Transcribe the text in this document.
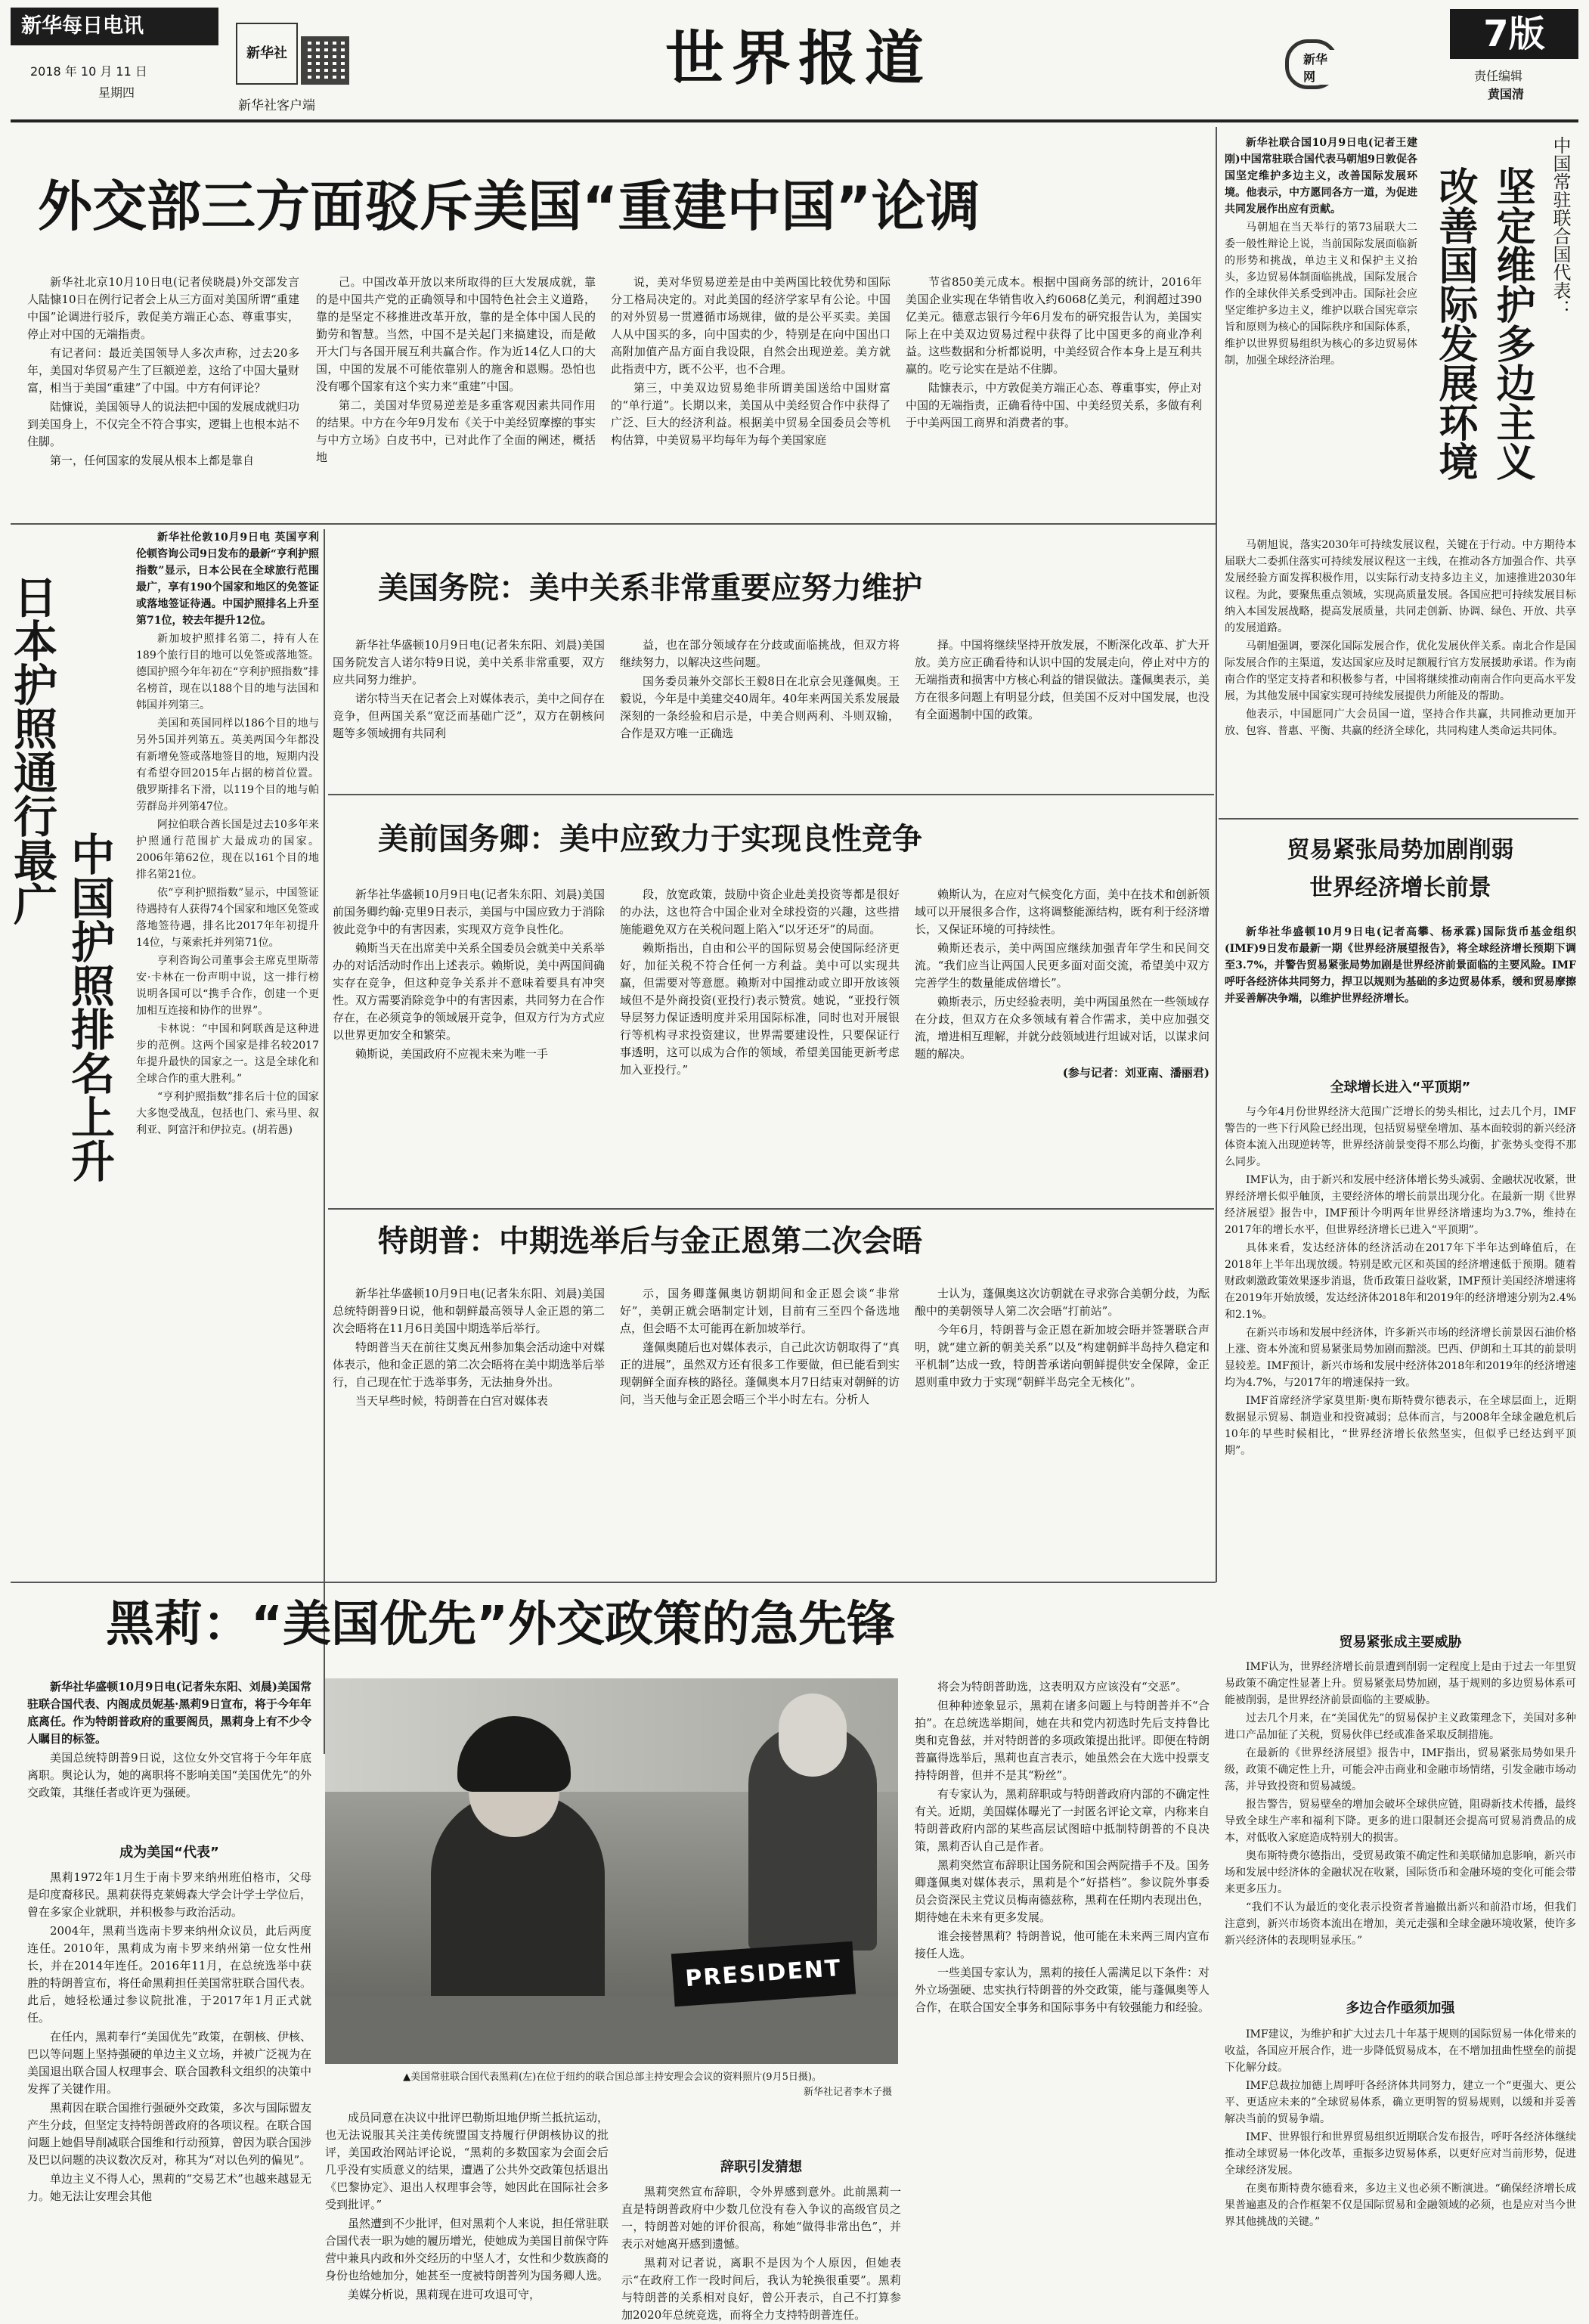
新华每日电讯
2018 年 10 月 11 日
星期四
新华社
新华社客户端
世界报道	新华网
7版
责任编辑
黄国清
外交部三方面驳斥美国“重建中国”论调

新华社北京10月10日电(记者侯晓晨)外交部发言人陆慷10日在例行记者会上从三方面对美国所谓“重建中国”论调进行驳斥，敦促美方端正心态、尊重事实，停止对中国的无端指责。

有记者问：最近美国领导人多次声称，过去20多年，美国对华贸易产生了巨额逆差，这给了中国大量财富，相当于美国“重建”了中国。中方有何评论？

陆慷说，美国领导人的说法把中国的发展成就归功到美国身上，不仅完全不符合事实，逻辑上也根本站不住脚。

第一，任何国家的发展从根本上都是靠自

己。中国改革开放以来所取得的巨大发展成就，靠的是中国共产党的正确领导和中国特色社会主义道路，靠的是坚定不移推进改革开放，靠的是全体中国人民的勤劳和智慧。当然，中国不是关起门来搞建设，而是敞开大门与各国开展互利共赢合作。作为近14亿人口的大国，中国的发展不可能依靠别人的施舍和恩赐。恐怕也没有哪个国家有这个实力来“重建”中国。

第二，美国对华贸易逆差是多重客观因素共同作用的结果。中方在今年9月发布《关于中美经贸摩擦的事实与中方立场》白皮书中，已对此作了全面的阐述，概括地

说，美对华贸易逆差是由中美两国比较优势和国际分工格局决定的。对此美国的经济学家早有公论。中国的对外贸易一贯遵循市场规律，做的是公平买卖。美国人从中国买的多，向中国卖的少，特别是在向中国出口高附加值产品方面自我设限，自然会出现逆差。美方就此指责中方，既不公平，也不合理。

第三，中美双边贸易绝非所谓美国送给中国财富的“单行道”。长期以来，美国从中美经贸合作中获得了广泛、巨大的经济利益。根据美中贸易全国委员会等机构估算，中美贸易平均每年为每个美国家庭

节省850美元成本。根据中国商务部的统计，2016年美国企业实现在华销售收入约6068亿美元，利润超过390亿美元。德意志银行今年6月发布的研究报告认为，美国实际上在中美双边贸易过程中获得了比中国更多的商业净利益。这些数据和分析都说明，中美经贸合作本身上是互利共赢的。吃亏论实在是站不住脚。

陆慷表示，中方敦促美方端正心态、尊重事实，停止对中国的无端指责，正确看待中国、中美经贸关系，多做有利于中美两国工商界和消费者的事。

中国常驻联合国代表：
坚定维护多边主义
改善国际发展环境

新华社联合国10月9日电(记者王建刚)中国常驻联合国代表马朝旭9日敦促各国坚定维护多边主义，改善国际发展环境。他表示，中方愿同各方一道，为促进共同发展作出应有贡献。

马朝旭在当天举行的第73届联大二委一般性辩论上说，当前国际发展面临新的形势和挑战，单边主义和保护主义抬头，多边贸易体制面临挑战，国际发展合作的全球伙伴关系受到冲击。国际社会应坚定维护多边主义，维护以联合国宪章宗旨和原则为核心的国际秩序和国际体系，维护以世界贸易组织为核心的多边贸易体制，加强全球经济治理。

马朝旭说，落实2030年可持续发展议程，关键在于行动。中方期待本届联大二委抓住落实可持续发展议程这一主线，在推动各方加强合作、共享发展经验方面发挥积极作用，以实际行动支持多边主义，加速推进2030年议程。为此，要聚焦重点领域，实现高质量发展。各国应把可持续发展目标纳入本国发展战略，提高发展质量，共同走创新、协调、绿色、开放、共享的发展道路。

马朝旭强调，要深化国际发展合作，优化发展伙伴关系。南北合作是国际发展合作的主渠道，发达国家应及时足额履行官方发展援助承诺。作为南南合作的坚定支持者和积极参与者，中国将继续推动南南合作向更高水平发展，为其他发展中国家实现可持续发展提供力所能及的帮助。

他表示，中国愿同广大会员国一道，坚持合作共赢，共同推动更加开放、包容、普惠、平衡、共赢的经济全球化，共同构建人类命运共同体。

日本护照通行最广
中国护照排名上升

新华社伦敦10月9日电 英国亨利伦顿咨询公司9日发布的最新“亨利护照指数”显示，日本公民在全球旅行范围最广，享有190个国家和地区的免签证或落地签证待遇。中国护照排名上升至第71位，较去年提升12位。

新加坡护照排名第二，持有人在189个旅行目的地可以免签或落地签。德国护照今年年初在“亨利护照指数”排名榜首，现在以188个目的地与法国和韩国并列第三。

美国和英国同样以186个目的地与另外5国并列第五。英美两国今年都没有新增免签或落地签目的地，短期内没有希望夺回2015年占据的榜首位置。俄罗斯排名下滑，以119个目的地与帕劳群岛并列第47位。

阿拉伯联合酋长国是过去10多年来护照通行范围扩大最成功的国家。2006年第62位，现在以161个目的地排名第21位。

依“亨利护照指数”显示，中国签证待遇持有人获得74个国家和地区免签或落地签待遇，排名比2017年年初提升14位，与萊索托并列第71位。

亨利咨询公司董事会主席克里斯蒂安·卡林在一份声明中说，这一排行榜说明各国可以“携手合作，创建一个更加相互连接和协作的世界”。

卡林说：“中国和阿联酋是这种进步的范例。这两个国家是排名较2017年提升最快的国家之一。这是全球化和全球合作的重大胜利。”

“亨利护照指数”排名后十位的国家大多饱受战乱，包括也门、索马里、叙利亚、阿富汗和伊拉克。(胡若愚)

美国务院：美中关系非常重要应努力维护

新华社华盛顿10月9日电(记者朱东阳、刘晨)美国国务院发言人诺尔特9日说，美中关系非常重要，双方应共同努力维护。

诺尔特当天在记者会上对媒体表示，美中之间存在竞争，但两国关系“宽泛而基础广泛”，双方在朝核问题等多领域拥有共同利

益，也在部分领域存在分歧或面临挑战，但双方将继续努力，以解决这些问题。

国务委员兼外交部长王毅8日在北京会见蓬佩奥。王毅说，今年是中美建交40周年。40年来两国关系发展最深刻的一条经验和启示是，中美合则两利、斗则双输，合作是双方唯一正确选

择。中国将继续坚持开放发展，不断深化改革、扩大开放。美方应正确看待和认识中国的发展走向，停止对中方的无端指责和损害中方核心利益的错误做法。蓬佩奥表示，美方在很多问题上有明显分歧，但美国不反对中国发展，也没有全面遏制中国的政策。

美前国务卿：美中应致力于实现良性竞争

新华社华盛顿10月9日电(记者朱东阳、刘晨)美国前国务卿约翰·克里9日表示，美国与中国应致力于消除彼此竞争中的有害因素，实现双方竞争良性化。

赖斯当天在出席美中关系全国委员会就美中关系举办的对话活动时作出上述表示。赖斯说，美中两国间确实存在竞争，但这种竞争关系并不意味着要具有冲突性。双方需要消除竞争中的有害因素，共同努力在合作存在，在必须竞争的领域展开竞争，但双方行为方式应以世界更加安全和繁荣。

赖斯说，美国政府不应视未来为唯一手

段，放宽政策，鼓励中资企业赴美投资等都是很好的办法，这也符合中国企业对全球投资的兴趣，这些措施能避免双方在关税问题上陷入“以牙还牙”的局面。

赖斯指出，自由和公平的国际贸易会使国际经济更好，加征关税不符合任何一方利益。美中可以实现共赢，但需要对等意愿。赖斯对中国推动或立即开放该领域但不是外商投资(亚投行)表示赞赏。她说，“亚投行领导层努力保证透明度并采用国际标准，同时也对开展银行等机构寻求投资建议，世界需要建设性，只要保证行事透明，这可以成为合作的领域，希望美国能更新考虑加入亚投行。”

赖斯认为，在应对气候变化方面，美中在技术和创新领域可以开展很多合作，这将调整能源结构，既有利于经济增长，又保证环境的可持续性。

赖斯还表示，美中两国应继续加强青年学生和民间交流。“我们应当让两国人民更多面对面交流，希望美中双方完善学生的数量能成倍增长”。

赖斯表示，历史经验表明，美中两国虽然在一些领域存在分歧，但双方在众多领域有着合作需求，美中应加强交流，增进相互理解，并就分歧领域进行坦诚对话，以谋求问题的解决。

(参与记者：刘亚南、潘丽君)

特朗普：中期选举后与金正恩第二次会晤

新华社华盛顿10月9日电(记者朱东阳、刘晨)美国总统特朗普9日说，他和朝鲜最高领导人金正恩的第二次会晤将在11月6日美国中期选举后举行。

特朗普当天在前往艾奥瓦州参加集会活动途中对媒体表示，他和金正恩的第二次会晤将在美中期选举后举行，自己现在忙于选举事务，无法抽身外出。

当天早些时候，特朗普在白宫对媒体表

示，国务卿蓬佩奥访朝期间和金正恩会谈“非常好”，美朝正就会晤制定计划，目前有三至四个备选地点，但会晤不太可能再在新加坡举行。

蓬佩奥随后也对媒体表示，自己此次访朝取得了“真正的进展”，虽然双方还有很多工作要做，但已能看到实现朝鲜全面弃核的路径。蓬佩奥本月7日结束对朝鲜的访问，当天他与金正恩会晤三个半小时左右。分析人

士认为，蓬佩奥这次访朝就在寻求弥合美朝分歧，为酝酿中的美朝领导人第二次会晤“打前站”。

今年6月，特朗普与金正恩在新加坡会晤并签署联合声明，就“建立新的朝美关系”以及“构建朝鲜半岛持久稳定和平机制”达成一致，特朗普承诺向朝鲜提供安全保障，金正恩则重申致力于实现“朝鲜半岛完全无核化”。

贸易紧张局势加剧削弱世界经济增长前景

新华社华盛顿10月9日电(记者高攀、杨承霖)国际货币基金组织(IMF)9日发布最新一期《世界经济展望报告》，将全球经济增长预期下调至3.7%，并警告贸易紧张局势加剧是世界经济前景面临的主要风险。IMF呼吁各经济体共同努力，捍卫以规则为基础的多边贸易体系，缓和贸易摩擦并妥善解决争端，以维护世界经济增长。

全球增长进入“平顶期”

与今年4月份世界经济大范围广泛增长的势头相比，过去几个月，IMF警告的一些下行风险已经出现，包括贸易壁垒增加、基本面较弱的新兴经济体资本流入出现逆转等，世界经济前景变得不那么均衡，扩张势头变得不那么同步。

IMF认为，由于新兴和发展中经济体增长势头减弱、金融状况收紧，世界经济增长似乎触顶，主要经济体的增长前景出现分化。在最新一期《世界经济展望》报告中，IMF预计今明两年世界经济增速均为3.7%，维持在2017年的增长水平，但世界经济增长已进入“平顶期”。

具体来看，发达经济体的经济活动在2017年下半年达到峰值后，在2018年上半年出现放缓。特别是欧元区和英国的经济增速低于预期。随着财政刺激政策效果逐步消退，货币政策日益收紧，IMF预计美国经济增速将在2019年开始放缓，发达经济体2018年和2019年的经济增速分别为2.4%和2.1%。

在新兴市场和发展中经济体，许多新兴市场的经济增长前景因石油价格上涨、资本外流和贸易紧张局势加剧而黯淡。巴西、伊朗和土耳其的前景明显较差。IMF预计，新兴市场和发展中经济体2018年和2019年的经济增速均为4.7%，与2017年的增速保持一致。

IMF首席经济学家莫里斯·奥布斯特费尔德表示，在全球层面上，近期数据显示贸易、制造业和投资减弱；总体而言，与2008年全球金融危机后10年的早些时候相比，“世界经济增长依然坚实，但似乎已经达到平顶期”。

贸易紧张成主要威胁

IMF认为，世界经济增长前景遭到削弱一定程度上是由于过去一年里贸易政策不确定性显著上升。贸易紧张局势加剧，基于规则的多边贸易体系可能被削弱，是世界经济前景面临的主要威胁。

过去几个月来，在“美国优先”的贸易保护主义政策理念下，美国对多种进口产品加征了关税，贸易伙伴已经或准备采取反制措施。

在最新的《世界经济展望》报告中，IMF指出，贸易紧张局势如果升级，政策不确定性上升，可能会冲击商业和金融市场情绪，引发金融市场动荡，并导致投资和贸易减缓。

报告警告，贸易壁垒的增加会破坏全球供应链，阻碍新技术传播，最终导致全球生产率和福利下降。更多的进口限制还会提高可贸易消费品的成本，对低收入家庭造成特别大的损害。

奥布斯特费尔德指出，受贸易政策不确定性和美联储加息影响，新兴市场和发展中经济体的金融状况在收紧，国际货币和金融环境的变化可能会带来更多压力。

“我们不认为最近的变化表示投资者普遍撤出新兴和前沿市场，但我们注意到，新兴市场资本流出在增加，美元走强和全球金融环境收紧，使许多新兴经济体的表现明显承压。”

多边合作亟须加强

IMF建议，为维护和扩大过去几十年基于规则的国际贸易一体化带来的收益，各国应开展合作，进一步降低贸易成本，在不增加扭曲性壁垒的前提下化解分歧。

IMF总裁拉加德上周呼吁各经济体共同努力，建立一个“更强大、更公平、更适应未来的”全球贸易体系，确立更明智的贸易规则，以缓和并妥善解决当前的贸易争端。

IMF、世界银行和世界贸易组织近期联合发布报告，呼吁各经济体继续推动全球贸易一体化改革，重振多边贸易体系，以更好应对当前形势，促进全球经济发展。

在奥布斯特费尔德看来，多边主义也必须不断演进。“确保经济增长成果普遍惠及的合作框架不仅是国际贸易和金融领域的必须，也是应对当今世界其他挑战的关键。”

黑莉：“美国优先”外交政策的急先锋

新华社华盛顿10月9日电(记者朱东阳、刘晨)美国常驻联合国代表、内阁成员妮基·黑莉9日宣布，将于今年年底离任。作为特朗普政府的重要阁员，黑莉身上有不少令人瞩目的标签。

美国总统特朗普9日说，这位女外交官将于今年年底离职。舆论认为，她的离职将不影响美国“美国优先”的外交政策，其继任者或许更为强硬。

成为美国“代表”

黑莉1972年1月生于南卡罗来纳州班伯格市，父母是印度裔移民。黑莉获得克莱姆森大学会计学士学位后，曾在多家企业就职，并积极参与政治活动。

2004年，黑莉当选南卡罗来纳州众议员，此后两度连任。2010年，黑莉成为南卡罗来纳州第一位女性州长，并在2014年连任。2016年11月，在总统选举中获胜的特朗普宣布，将任命黑莉担任美国常驻联合国代表。此后，她轻松通过参议院批准，于2017年1月正式就任。

在任内，黑莉奉行“美国优先”政策，在朝核、伊核、巴以等问题上坚持强硬的单边主义立场，并被广泛视为在美国退出联合国人权理事会、联合国教科文组织的决策中发挥了关键作用。

黑莉因在联合国推行强硬外交政策，多次与国际盟友产生分歧，但坚定支持特朗普政府的各项议程。在联合国问题上她倡导削减联合国维和行动预算，曾因为联合国涉及巴以问题的决议数次反对，称其为“对以色列的偏见”。

单边主义不得人心，黑莉的“交易艺术”也越来越显无力。她无法让安理会其他

PRESIDENT
▲美国常驻联合国代表黑莉(左)在位于纽约的联合国总部主持安理会会议的资料照片(9月5日摄)。
新华社记者李木子摄

成员同意在决议中批评巴勒斯坦地伊斯兰抵抗运动，也无法说服其关注美传统盟国支持履行伊朗核协议的批评，美国政治网站评论说，“黑莉的多数国家为会面会后几乎没有实质意义的结果，遭遇了公共外交政策包括退出《巴黎协定》、退出人权理事会等，她因此在国际社会多受到批评。”

虽然遭到不少批评，但对黑莉个人来说，担任常驻联合国代表一职为她的履历增光，使她成为美国目前保守阵营中兼具内政和外交经历的中坚人才，女性和少数族裔的身份也给她加分，她甚至一度被特朗普列为国务卿人选。

美媒分析说，黑莉现在进可攻退可守，

将会为特朗普助选，这表明双方应该没有“交恶”。

但种种迹象显示，黑莉在诸多问题上与特朗普并不“合拍”。在总统选举期间，她在共和党内初选时先后支持鲁比奥和克鲁兹，并对特朗普的多项政策提出批评。即便在特朗普赢得选举后，黑莉也直言表示，她虽然会在大选中投票支持特朗普，但并不是其“粉丝”。

有专家认为，黑莉辞职或与特朗普政府内部的不确定性有关。近期，美国媒体曝光了一封匿名评论文章，内称来自特朗普政府内部的某些高层试图暗中抵制特朗普的不良决策，黑莉否认自己是作者。

黑莉突然宣布辞职让国务院和国会两院措手不及。国务卿蓬佩奥对媒体表示，黑莉是个“好搭档”。参议院外事委员会资深民主党议员梅南德兹称，黑莉在任期内表现出色，期待她在未来有更多发展。

谁会接替黑莉？特朗普说，他可能在未来两三周内宣布接任人选。

一些美国专家认为，黑莉的接任人需满足以下条件：对外立场强硬、忠实执行特朗普的外交政策，能与蓬佩奥等人合作，在联合国安全事务和国际事务中有较强能力和经验。

辞职引发猜想

黑莉突然宣布辞职，令外界感到意外。此前黑莉一直是特朗普政府中少数几位没有卷入争议的高级官员之一，特朗普对她的评价很高，称她“做得非常出色”，并表示对她离开感到遗憾。

黑莉对记者说，离职不是因为个人原因，但她表示“在政府工作一段时间后，我认为轮换很重要”。黑莉与特朗普的关系相对良好，曾公开表示，自己不打算参加2020年总统竞选，而将全力支持特朗普连任。
